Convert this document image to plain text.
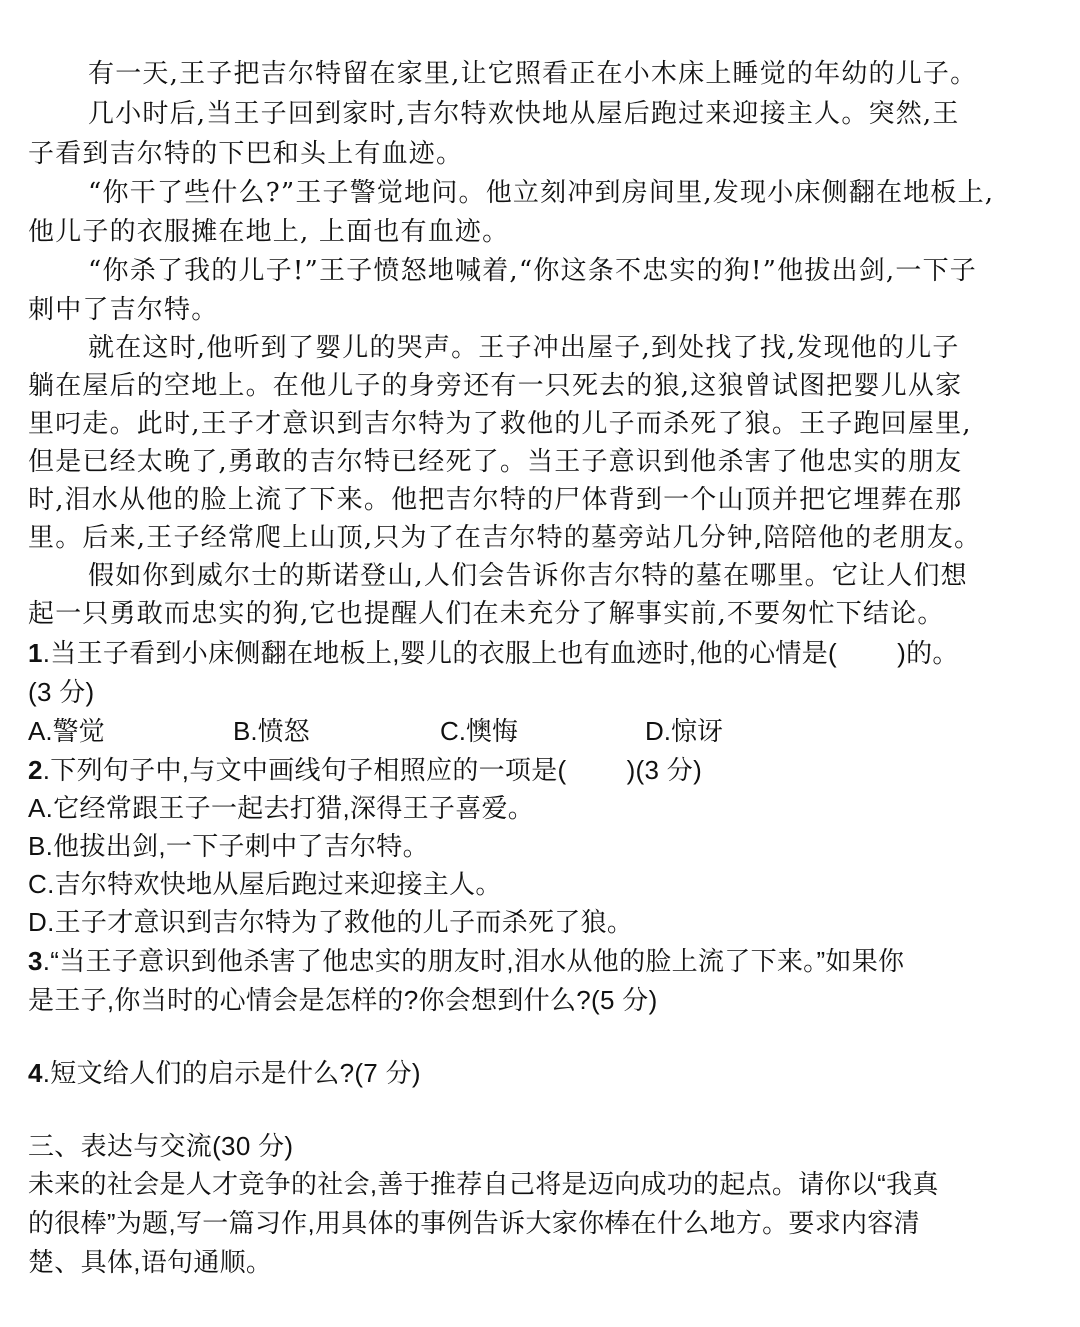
有一天,王子把吉尔特留在家里,让它照看正在小木床上睡觉的年幼的儿子。
几小时后,当王子回到家时,吉尔特欢快地从屋后跑过来迎接主人。突然,王
子看到吉尔特的下巴和头上有血迹。
“你干了些什么?”王子警觉地问。他立刻冲到房间里,发现小床侧翻在地板上,
他儿子的衣服摊在地上, 上面也有血迹。
“你杀了我的儿子!”王子愤怒地喊着,“你这条不忠实的狗!”他拔出剑,一下子
刺中了吉尔特。
就在这时,他听到了婴儿的哭声。王子冲出屋子,到处找了找,发现他的儿子
躺在屋后的空地上。在他儿子的身旁还有一只死去的狼,这狼曾试图把婴儿从家
里叼走。此时,王子才意识到吉尔特为了救他的儿子而杀死了狼。王子跑回屋里,
但是已经太晚了,勇敢的吉尔特已经死了。当王子意识到他杀害了他忠实的朋友
时,泪水从他的脸上流了下来。他把吉尔特的尸体背到一个山顶并把它埋葬在那
里。后来,王子经常爬上山顶,只为了在吉尔特的墓旁站几分钟,陪陪他的老朋友。
假如你到威尔士的斯诺登山,人们会告诉你吉尔特的墓在哪里。它让人们想
起一只勇敢而忠实的狗,它也提醒人们在未充分了解事实前,不要匆忙下结论。
1.当王子看到小床侧翻在地板上,婴儿的衣服上也有血迹时,他的心情是(　　 )的。
(3 分)
A.警觉	B.愤怒	C.懊悔	D.惊讶
2.下列句子中,与文中画线句子相照应的一项是(　　 )(3 分)
A.它经常跟王子一起去打猎,深得王子喜爱。
B.他拔出剑,一下子刺中了吉尔特。
C.吉尔特欢快地从屋后跑过来迎接主人。
D.王子才意识到吉尔特为了救他的儿子而杀死了狼。
3.“当王子意识到他杀害了他忠实的朋友时,泪水从他的脸上流了下来。”如果你
是王子,你当时的心情会是怎样的?你会想到什么?(5 分)
4.短文给人们的启示是什么?(7 分)
三、表达与交流(30 分)
未来的社会是人才竞争的社会,善于推荐自己将是迈向成功的起点。请你以“我真
的很棒”为题,写一篇习作,用具体的事例告诉大家你棒在什么地方。要求内容清
楚、具体,语句通顺。
